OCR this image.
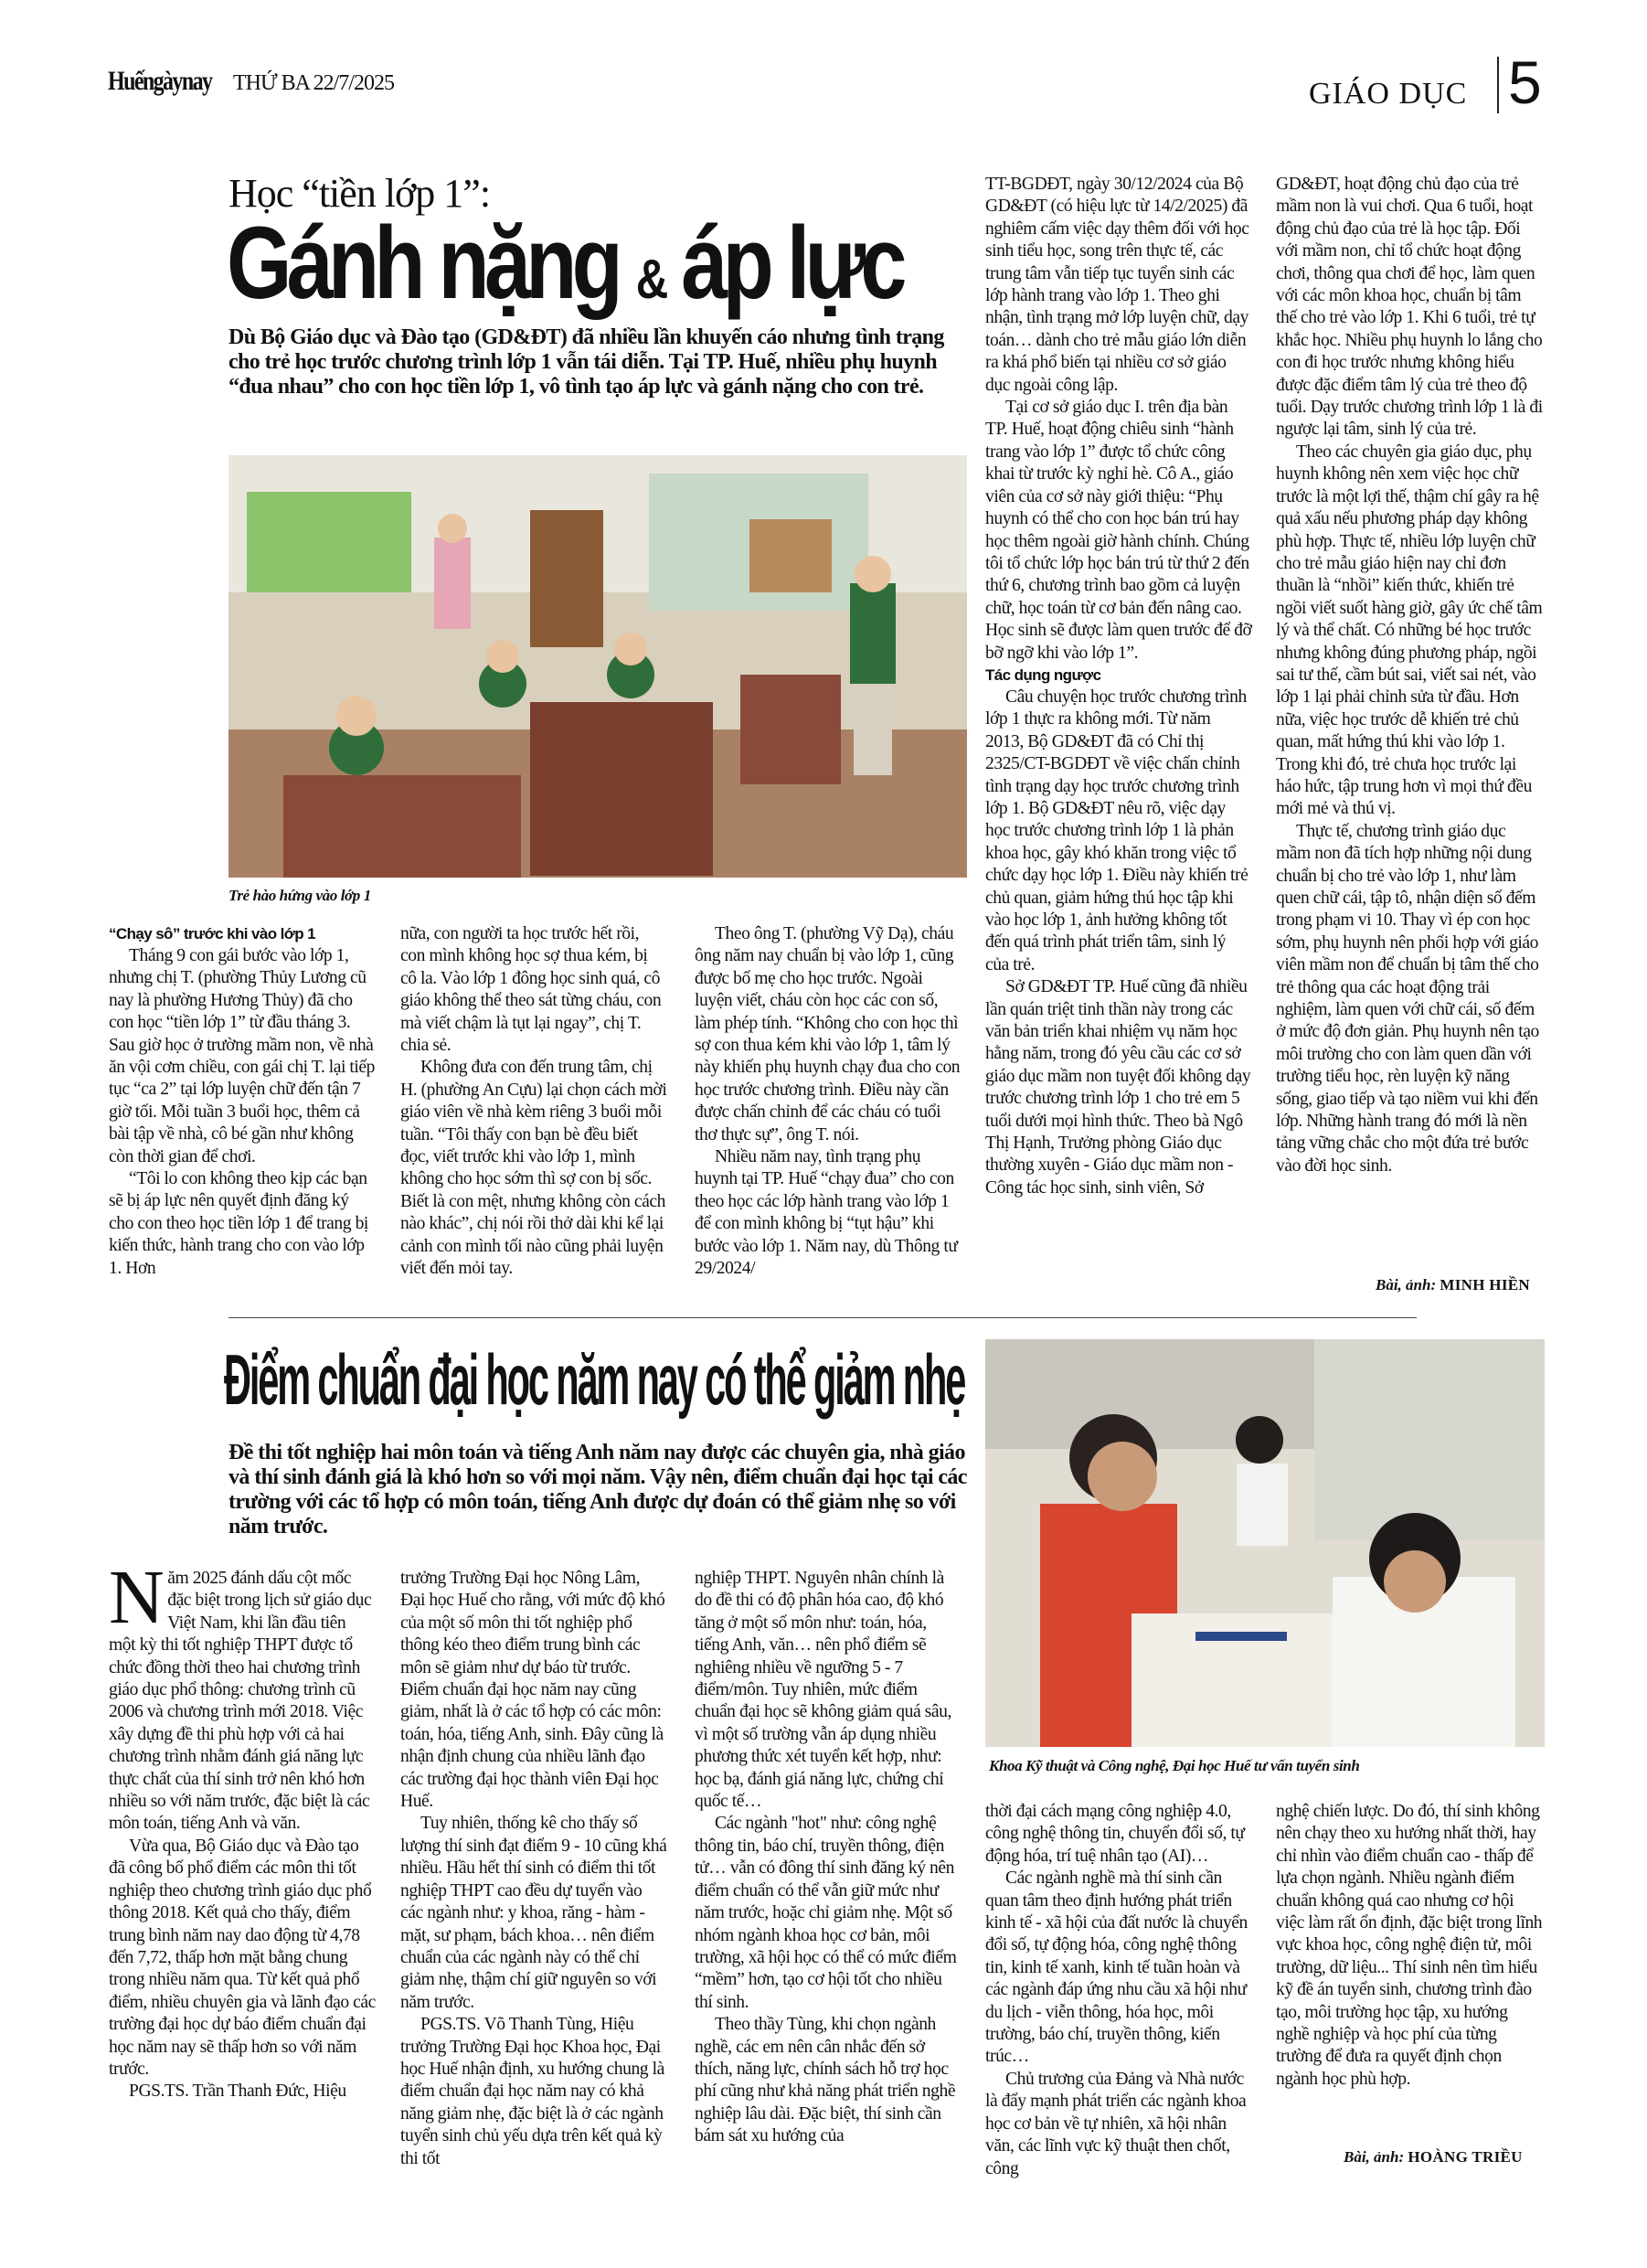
Huếngàynay THỨ BA 22/7/2025	GIÁO DỤC 5
Học “tiền lớp 1”:
Gánh nặng & áp lực
Dù Bộ Giáo dục và Đào tạo (GD&ĐT) đã nhiều lần khuyến cáo nhưng tình trạng cho trẻ học trước chương trình lớp 1 vẫn tái diễn. Tại TP. Huế, nhiều phụ huynh “đua nhau” cho con học tiền lớp 1, vô tình tạo áp lực và gánh nặng cho con trẻ.
Trẻ hào hứng vào lớp 1
“Chạy sô” trước khi vào lớp 1

Tháng 9 con gái bước vào lớp 1, nhưng chị T. (phường Thủy Lương cũ nay là phường Hương Thủy) đã cho con học “tiền lớp 1” từ đầu tháng 3. Sau giờ học ở trường mầm non, về nhà ăn vội cơm chiều, con gái chị T. lại tiếp tục “ca 2” tại lớp luyện chữ đến tận 7 giờ tối. Mỗi tuần 3 buổi học, thêm cả bài tập về nhà, cô bé gần như không còn thời gian để chơi.

“Tôi lo con không theo kịp các bạn sẽ bị áp lực nên quyết định đăng ký cho con theo học tiền lớp 1 để trang bị kiến thức, hành trang cho con vào lớp 1. Hơn

nữa, con người ta học trước hết rồi, con mình không học sợ thua kém, bị cô la. Vào lớp 1 đông học sinh quá, cô giáo không thể theo sát từng cháu, con mà viết chậm là tụt lại ngay”, chị T. chia sẻ.

Không đưa con đến trung tâm, chị H. (phường An Cựu) lại chọn cách mời giáo viên về nhà kèm riêng 3 buổi mỗi tuần. “Tôi thấy con bạn bè đều biết đọc, viết trước khi vào lớp 1, mình không cho học sớm thì sợ con bị sốc. Biết là con mệt, nhưng không còn cách nào khác”, chị nói rồi thở dài khi kể lại cảnh con mình tối nào cũng phải luyện viết đến mỏi tay.

Theo ông T. (phường Vỹ Dạ), cháu ông năm nay chuẩn bị vào lớp 1, cũng được bố mẹ cho học trước. Ngoài luyện viết, cháu còn học các con số, làm phép tính. “Không cho con học thì sợ con thua kém khi vào lớp 1, tâm lý này khiến phụ huynh chạy đua cho con học trước chương trình. Điều này cần được chấn chỉnh để các cháu có tuổi thơ thực sự”, ông T. nói.

Nhiều năm nay, tình trạng phụ huynh tại TP. Huế “chạy đua” cho con theo học các lớp hành trang vào lớp 1 để con mình không bị “tụt hậu” khi bước vào lớp 1. Năm nay, dù Thông tư 29/2024/

TT-BGDĐT, ngày 30/12/2024 của Bộ GD&ĐT (có hiệu lực từ 14/2/2025) đã nghiêm cấm việc dạy thêm đối với học sinh tiểu học, song trên thực tế, các trung tâm vẫn tiếp tục tuyển sinh các lớp hành trang vào lớp 1. Theo ghi nhận, tình trạng mở lớp luyện chữ, dạy toán… dành cho trẻ mẫu giáo lớn diễn ra khá phổ biến tại nhiều cơ sở giáo dục ngoài công lập.

Tại cơ sở giáo dục I. trên địa bàn TP. Huế, hoạt động chiêu sinh “hành trang vào lớp 1” được tổ chức công khai từ trước kỳ nghỉ hè. Cô A., giáo viên của cơ sở này giới thiệu: “Phụ huynh có thể cho con học bán trú hay học thêm ngoài giờ hành chính. Chúng tôi tổ chức lớp học bán trú từ thứ 2 đến thứ 6, chương trình bao gồm cả luyện chữ, học toán từ cơ bản đến nâng cao. Học sinh sẽ được làm quen trước để đỡ bỡ ngỡ khi vào lớp 1”.

Tác dụng ngược

Câu chuyện học trước chương trình lớp 1 thực ra không mới. Từ năm 2013, Bộ GD&ĐT đã có Chỉ thị 2325/CT-BGDĐT về việc chấn chỉnh tình trạng dạy học trước chương trình lớp 1. Bộ GD&ĐT nêu rõ, việc dạy học trước chương trình lớp 1 là phản khoa học, gây khó khăn trong việc tổ chức dạy học lớp 1. Điều này khiến trẻ chủ quan, giảm hứng thú học tập khi vào học lớp 1, ảnh hưởng không tốt đến quá trình phát triển tâm, sinh lý của trẻ.

Sở GD&ĐT TP. Huế cũng đã nhiều lần quán triệt tinh thần này trong các văn bản triển khai nhiệm vụ năm học hằng năm, trong đó yêu cầu các cơ sở giáo dục mầm non tuyệt đối không dạy trước chương trình lớp 1 cho trẻ em 5 tuổi dưới mọi hình thức. Theo bà Ngô Thị Hạnh, Trưởng phòng Giáo dục thường xuyên - Giáo dục mầm non - Công tác học sinh, sinh viên, Sở

GD&ĐT, hoạt động chủ đạo của trẻ mầm non là vui chơi. Qua 6 tuổi, hoạt động chủ đạo của trẻ là học tập. Đối với mầm non, chỉ tổ chức hoạt động chơi, thông qua chơi để học, làm quen với các môn khoa học, chuẩn bị tâm thế cho trẻ vào lớp 1. Khi 6 tuổi, trẻ tự khắc học. Nhiều phụ huynh lo lắng cho con đi học trước nhưng không hiểu được đặc điểm tâm lý của trẻ theo độ tuổi. Dạy trước chương trình lớp 1 là đi ngược lại tâm, sinh lý của trẻ.

Theo các chuyên gia giáo dục, phụ huynh không nên xem việc học chữ trước là một lợi thế, thậm chí gây ra hệ quả xấu nếu phương pháp dạy không phù hợp. Thực tế, nhiều lớp luyện chữ cho trẻ mẫu giáo hiện nay chỉ đơn thuần là “nhồi” kiến thức, khiến trẻ ngồi viết suốt hàng giờ, gây ức chế tâm lý và thể chất. Có những bé học trước nhưng không đúng phương pháp, ngồi sai tư thế, cầm bút sai, viết sai nét, vào lớp 1 lại phải chỉnh sửa từ đầu. Hơn nữa, việc học trước dễ khiến trẻ chủ quan, mất hứng thú khi vào lớp 1. Trong khi đó, trẻ chưa học trước lại háo hức, tập trung hơn vì mọi thứ đều mới mẻ và thú vị.

Thực tế, chương trình giáo dục mầm non đã tích hợp những nội dung chuẩn bị cho trẻ vào lớp 1, như làm quen chữ cái, tập tô, nhận diện số đếm trong phạm vi 10. Thay vì ép con học sớm, phụ huynh nên phối hợp với giáo viên mầm non để chuẩn bị tâm thế cho trẻ thông qua các hoạt động trải nghiệm, làm quen với chữ cái, số đếm ở mức độ đơn giản. Phụ huynh nên tạo môi trường cho con làm quen dần với trường tiểu học, rèn luyện kỹ năng sống, giao tiếp và tạo niềm vui khi đến lớp. Những hành trang đó mới là nền tảng vững chắc cho một đứa trẻ bước vào đời học sinh.

Bài, ảnh: MINH HIỀN
Điểm chuẩn đại học năm nay có thể giảm nhẹ
Đề thi tốt nghiệp hai môn toán và tiếng Anh năm nay được các chuyên gia, nhà giáo và thí sinh đánh giá là khó hơn so với mọi năm. Vậy nên, điểm chuẩn đại học tại các trường với các tổ hợp có môn toán, tiếng Anh được dự đoán có thể giảm nhẹ so với năm trước.
Khoa Kỹ thuật và Công nghệ, Đại học Huế tư vấn tuyển sinh

Năm 2025 đánh dấu cột mốc đặc biệt trong lịch sử giáo dục Việt Nam, khi lần đầu tiên một kỳ thi tốt nghiệp THPT được tổ chức đồng thời theo hai chương trình giáo dục phổ thông: chương trình cũ 2006 và chương trình mới 2018. Việc xây dựng đề thi phù hợp với cả hai chương trình nhằm đánh giá năng lực thực chất của thí sinh trở nên khó hơn nhiều so với năm trước, đặc biệt là các môn toán, tiếng Anh và văn.

Vừa qua, Bộ Giáo dục và Đào tạo đã công bố phổ điểm các môn thi tốt nghiệp theo chương trình giáo dục phổ thông 2018. Kết quả cho thấy, điểm trung bình năm nay dao động từ 4,78 đến 7,72, thấp hơn mặt bằng chung trong nhiều năm qua. Từ kết quả phổ điểm, nhiều chuyên gia và lãnh đạo các trường đại học dự báo điểm chuẩn đại học năm nay sẽ thấp hơn so với năm trước.

PGS.TS. Trần Thanh Đức, Hiệu

trưởng Trường Đại học Nông Lâm, Đại học Huế cho rằng, với mức độ khó của một số môn thi tốt nghiệp phổ thông kéo theo điểm trung bình các môn sẽ giảm như dự báo từ trước. Điểm chuẩn đại học năm nay cũng giảm, nhất là ở các tổ hợp có các môn: toán, hóa, tiếng Anh, sinh. Đây cũng là nhận định chung của nhiều lãnh đạo các trường đại học thành viên Đại học Huế.

Tuy nhiên, thống kê cho thấy số lượng thí sinh đạt điểm 9 - 10 cũng khá nhiều. Hầu hết thí sinh có điểm thi tốt nghiệp THPT cao đều dự tuyển vào các ngành như: y khoa, răng - hàm - mặt, sư phạm, bách khoa… nên điểm chuẩn của các ngành này có thể chỉ giảm nhẹ, thậm chí giữ nguyên so với năm trước.

PGS.TS. Võ Thanh Tùng, Hiệu trưởng Trường Đại học Khoa học, Đại học Huế nhận định, xu hướng chung là điểm chuẩn đại học năm nay có khả năng giảm nhẹ, đặc biệt là ở các ngành tuyển sinh chủ yếu dựa trên kết quả kỳ thi tốt

nghiệp THPT. Nguyên nhân chính là do đề thi có độ phân hóa cao, độ khó tăng ở một số môn như: toán, hóa, tiếng Anh, văn… nên phổ điểm sẽ nghiêng nhiều về ngưỡng 5 - 7 điểm/môn. Tuy nhiên, mức điểm chuẩn đại học sẽ không giảm quá sâu, vì một số trường vẫn áp dụng nhiều phương thức xét tuyển kết hợp, như: học bạ, đánh giá năng lực, chứng chỉ quốc tế…

Các ngành "hot" như: công nghệ thông tin, báo chí, truyền thông, điện tử… vẫn có đông thí sinh đăng ký nên điểm chuẩn có thể vẫn giữ mức như năm trước, hoặc chỉ giảm nhẹ. Một số nhóm ngành khoa học cơ bản, môi trường, xã hội học có thể có mức điểm “mềm” hơn, tạo cơ hội tốt cho nhiều thí sinh.

Theo thầy Tùng, khi chọn ngành nghề, các em nên cân nhắc đến sở thích, năng lực, chính sách hỗ trợ học phí cũng như khả năng phát triển nghề nghiệp lâu dài. Đặc biệt, thí sinh cần bám sát xu hướng của

thời đại cách mạng công nghiệp 4.0, công nghệ thông tin, chuyển đổi số, tự động hóa, trí tuệ nhân tạo (AI)…

Các ngành nghề mà thí sinh cần quan tâm theo định hướng phát triển kinh tế - xã hội của đất nước là chuyển đổi số, tự động hóa, công nghệ thông tin, kinh tế xanh, kinh tế tuần hoàn và các ngành đáp ứng nhu cầu xã hội như du lịch - viễn thông, hóa học, môi trường, báo chí, truyền thông, kiến trúc…

Chủ trương của Đảng và Nhà nước là đẩy mạnh phát triển các ngành khoa học cơ bản về tự nhiên, xã hội nhân văn, các lĩnh vực kỹ thuật then chốt, công

nghệ chiến lược. Do đó, thí sinh không nên chạy theo xu hướng nhất thời, hay chỉ nhìn vào điểm chuẩn cao - thấp để lựa chọn ngành. Nhiều ngành điểm chuẩn không quá cao nhưng cơ hội việc làm rất ổn định, đặc biệt trong lĩnh vực khoa học, công nghệ điện tử, môi trường, dữ liệu... Thí sinh nên tìm hiểu kỹ đề án tuyển sinh, chương trình đào tạo, môi trường học tập, xu hướng nghề nghiệp và học phí của từng trường để đưa ra quyết định chọn ngành học phù hợp.

Bài, ảnh: HOÀNG TRIỀU
